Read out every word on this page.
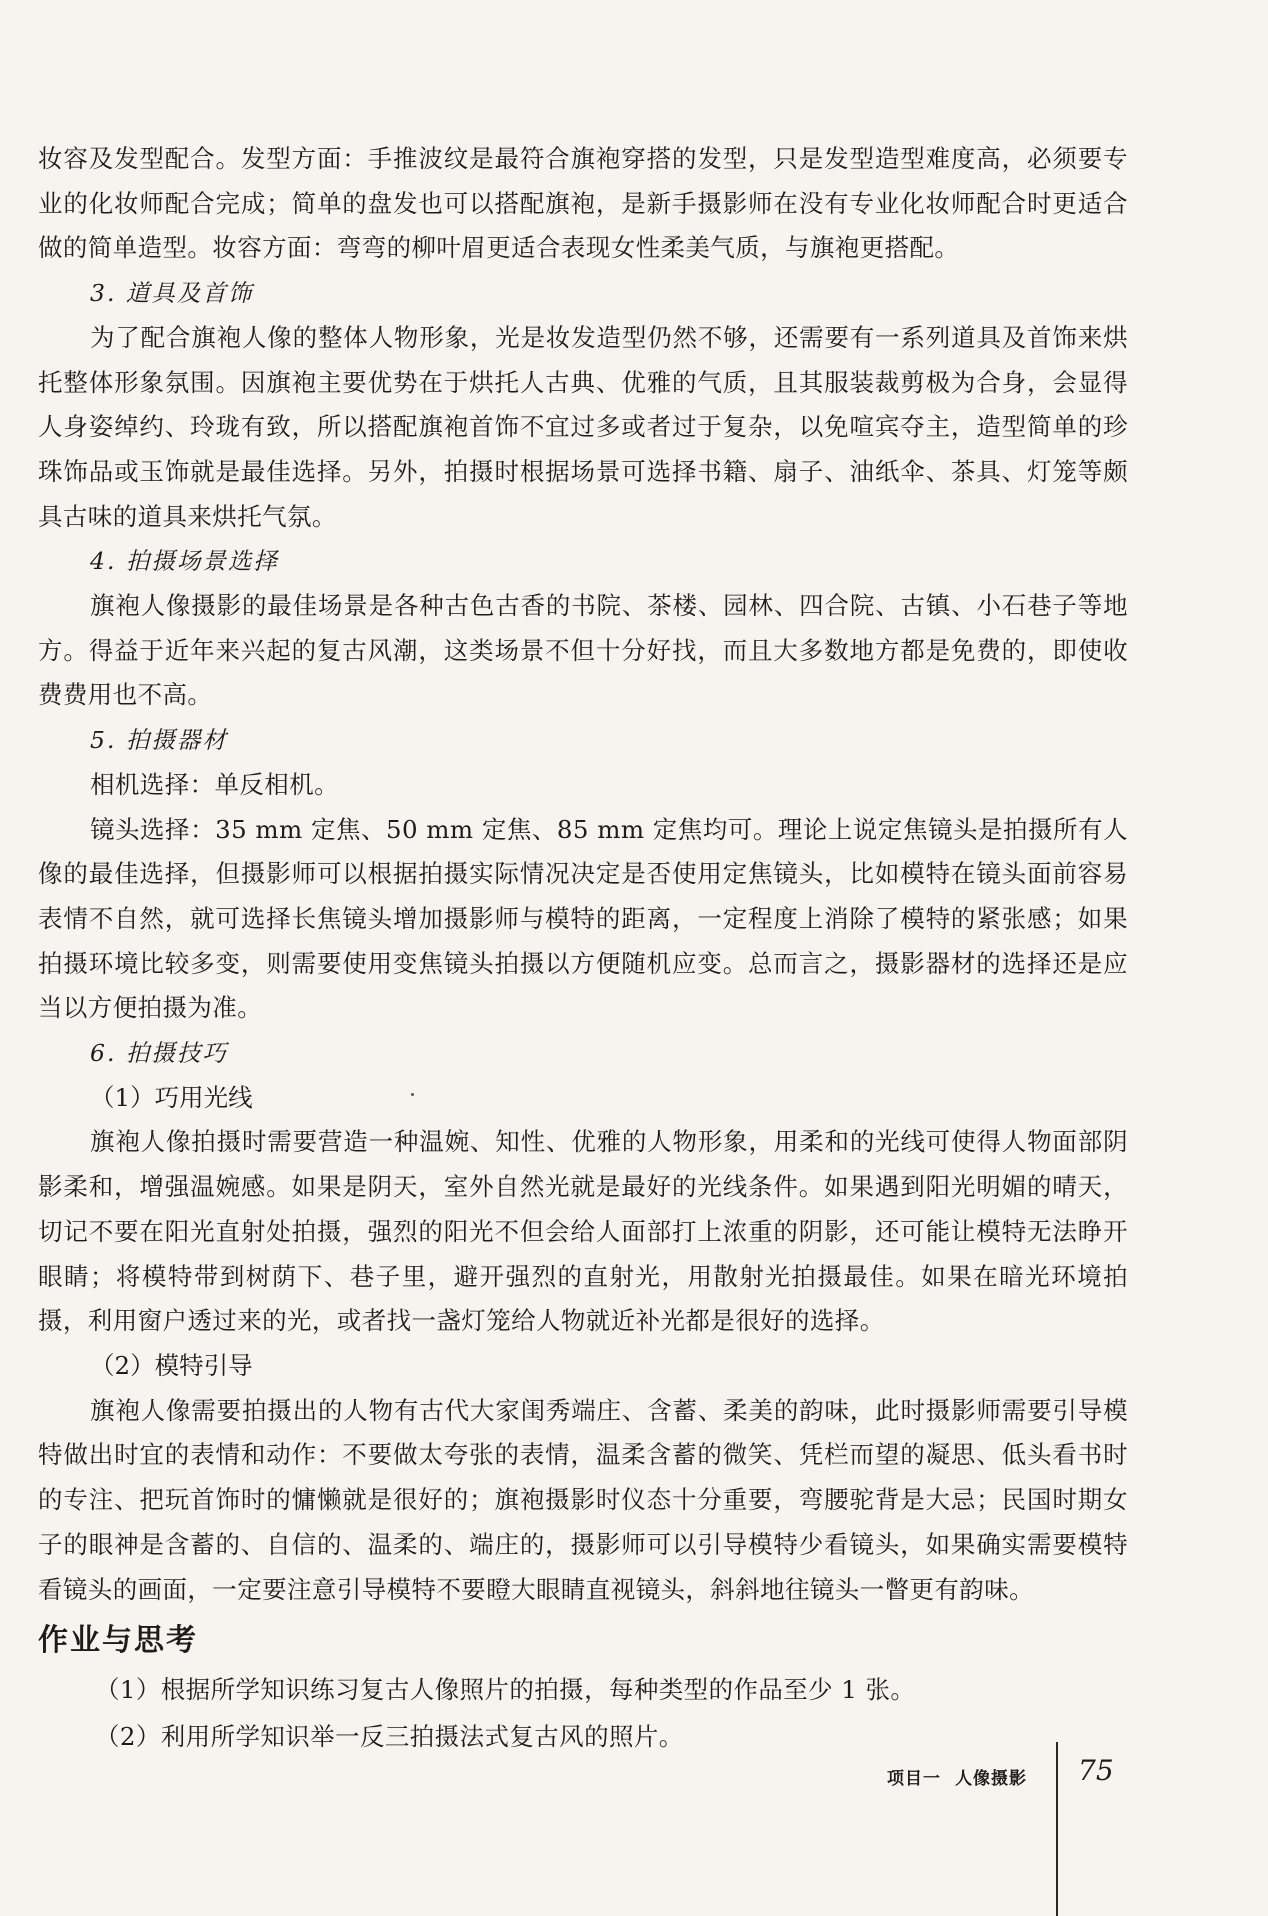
妆容及发型配合。发型方面：手推波纹是最符合旗袍穿搭的发型，只是发型造型难度高，必须要专业的化妆师配合完成；简单的盘发也可以搭配旗袍，是新手摄影师在没有专业化妆师配合时更适合做的简单造型。妆容方面：弯弯的柳叶眉更适合表现女性柔美气质，与旗袍更搭配。

3. 道具及首饰

为了配合旗袍人像的整体人物形象，光是妆发造型仍然不够，还需要有一系列道具及首饰来烘托整体形象氛围。因旗袍主要优势在于烘托人古典、优雅的气质，且其服装裁剪极为合身，会显得人身姿绰约、玲珑有致，所以搭配旗袍首饰不宜过多或者过于复杂，以免喧宾夺主，造型简单的珍珠饰品或玉饰就是最佳选择。另外，拍摄时根据场景可选择书籍、扇子、油纸伞、茶具、灯笼等颇具古味的道具来烘托气氛。

4. 拍摄场景选择

旗袍人像摄影的最佳场景是各种古色古香的书院、茶楼、园林、四合院、古镇、小石巷子等地方。得益于近年来兴起的复古风潮，这类场景不但十分好找，而且大多数地方都是免费的，即使收费费用也不高。

5. 拍摄器材

相机选择：单反相机。

镜头选择：35 mm 定焦、50 mm 定焦、85 mm 定焦均可。理论上说定焦镜头是拍摄所有人像的最佳选择，但摄影师可以根据拍摄实际情况决定是否使用定焦镜头，比如模特在镜头面前容易表情不自然，就可选择长焦镜头增加摄影师与模特的距离，一定程度上消除了模特的紧张感；如果拍摄环境比较多变，则需要使用变焦镜头拍摄以方便随机应变。总而言之，摄影器材的选择还是应当以方便拍摄为准。

6. 拍摄技巧

（1）巧用光线

旗袍人像拍摄时需要营造一种温婉、知性、优雅的人物形象，用柔和的光线可使得人物面部阴影柔和，增强温婉感。如果是阴天，室外自然光就是最好的光线条件。如果遇到阳光明媚的晴天，切记不要在阳光直射处拍摄，强烈的阳光不但会给人面部打上浓重的阴影，还可能让模特无法睁开眼睛；将模特带到树荫下、巷子里，避开强烈的直射光，用散射光拍摄最佳。如果在暗光环境拍摄，利用窗户透过来的光，或者找一盏灯笼给人物就近补光都是很好的选择。

（2）模特引导

旗袍人像需要拍摄出的人物有古代大家闺秀端庄、含蓄、柔美的韵味，此时摄影师需要引导模特做出时宜的表情和动作：不要做太夸张的表情，温柔含蓄的微笑、凭栏而望的凝思、低头看书时的专注、把玩首饰时的慵懒就是很好的；旗袍摄影时仪态十分重要，弯腰驼背是大忌；民国时期女子的眼神是含蓄的、自信的、温柔的、端庄的，摄影师可以引导模特少看镜头，如果确实需要模特看镜头的画面，一定要注意引导模特不要瞪大眼睛直视镜头，斜斜地往镜头一瞥更有韵味。

作业与思考

（1）根据所学知识练习复古人像照片的拍摄，每种类型的作品至少 1 张。

（2）利用所学知识举一反三拍摄法式复古风的照片。

项目一 人像摄影	75
